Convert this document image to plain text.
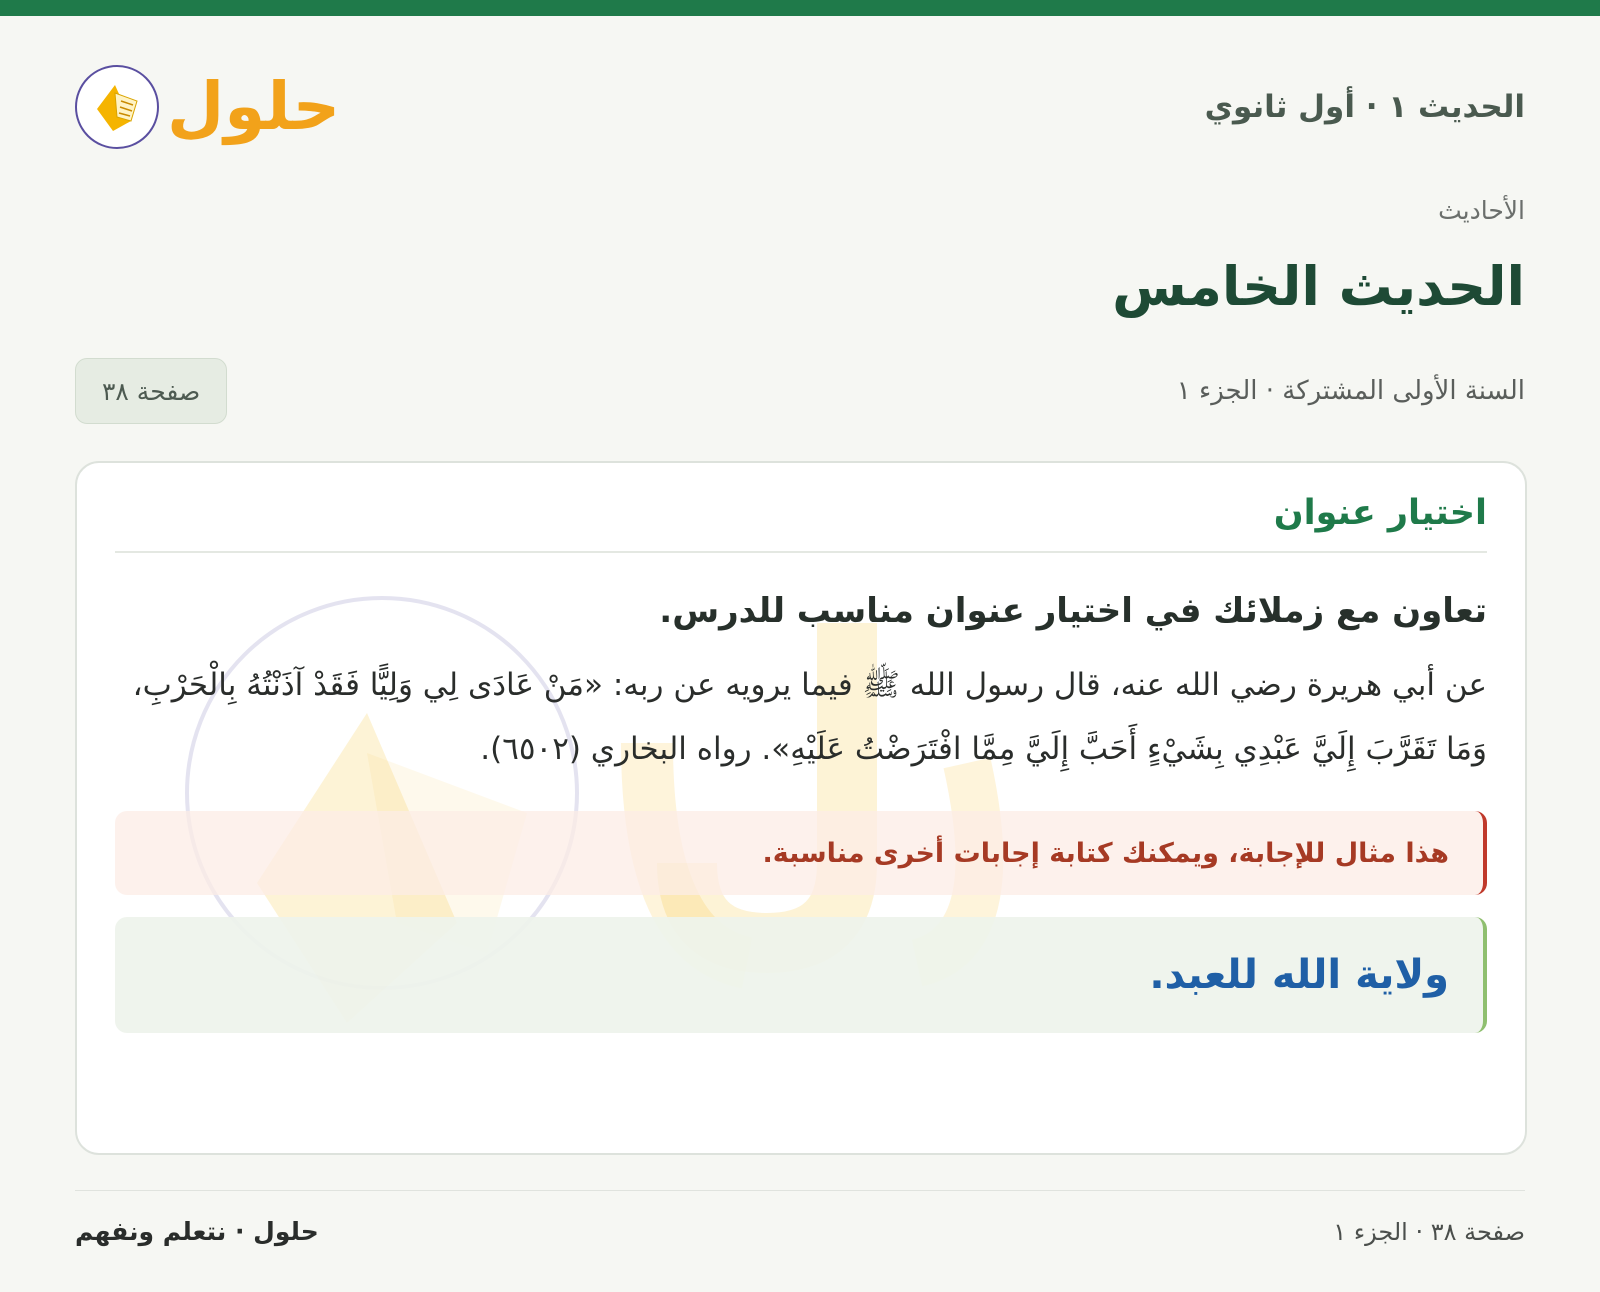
الحديث ١ · أول ثانوي
حلول
الأحاديث
الحديث الخامس
السنة الأولى المشتركة · الجزء ١
صفحة ٣٨
اختيار عنوان

تعاون مع زملائك في اختيار عنوان مناسب للدرس.

عن أبي هريرة رضي الله عنه، قال رسول الله ﷺ فيما يرويه عن ربه: «مَنْ عَادَى لِي وَلِيًّا فَقَدْ آذَنْتُهُ بِالْحَرْبِ، وَمَا تَقَرَّبَ إِلَيَّ عَبْدِي بِشَيْءٍ أَحَبَّ إِلَيَّ مِمَّا افْتَرَضْتُ عَلَيْهِ». رواه البخاري (٦٥٠٢).

هذا مثال للإجابة، ويمكنك كتابة إجابات أخرى مناسبة.
ولاية الله للعبد.
صفحة ٣٨ · الجزء ١
حلول · نتعلم ونفهم
